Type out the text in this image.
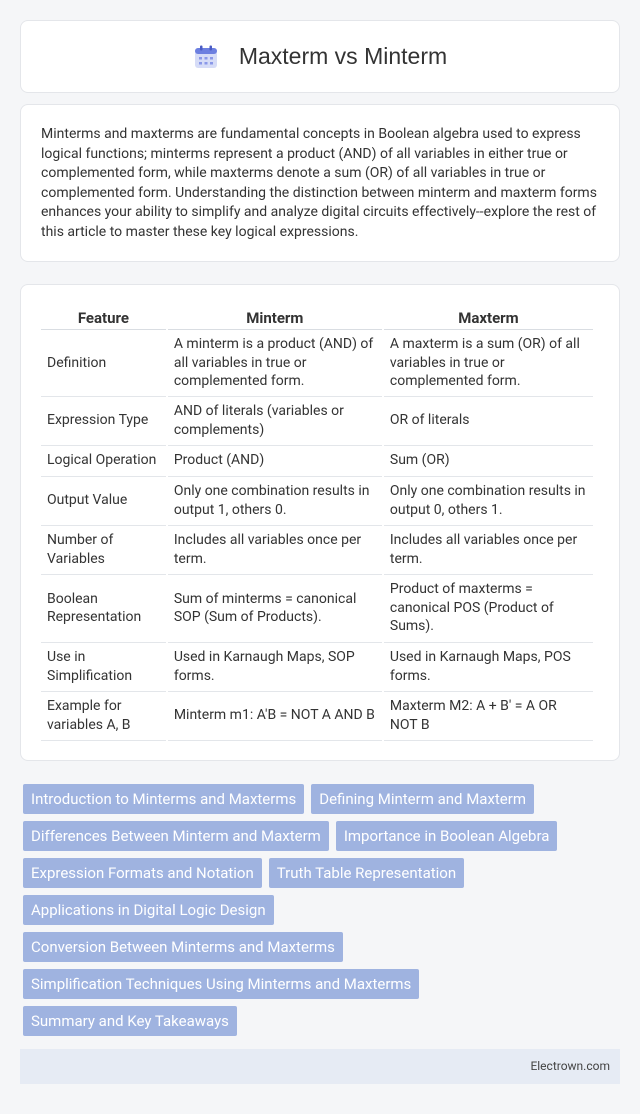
Maxterm vs Minterm

Minterms and maxterms are fundamental concepts in Boolean algebra used to express logical functions; minterms represent a product (AND) of all variables in either true or complemented form, while maxterms denote a sum (OR) of all variables in true or complemented form. Understanding the distinction between minterm and maxterm forms enhances your ability to simplify and analyze digital circuits effectively--explore the rest of this article to master these key logical expressions.

Feature	Minterm	Maxterm
Definition	A minterm is a product (AND) of all variables in true or complemented form.	A maxterm is a sum (OR) of all variables in true or complemented form.
Expression Type	AND of literals (variables or complements)	OR of literals
Logical Operation	Product (AND)	Sum (OR)
Output Value	Only one combination results in output 1, others 0.	Only one combination results in output 0, others 1.
Number of Variables	Includes all variables once per term.	Includes all variables once per term.
Boolean Representation	Sum of minterms = canonical SOP (Sum of Products).	Product of maxterms = canonical POS (Product of Sums).
Use in Simplification	Used in Karnaugh Maps, SOP forms.	Used in Karnaugh Maps, POS forms.
Example for variables A, B	Minterm m1: A'B = NOT A AND B	Maxterm M2: A + B' = A OR NOT B
Introduction to Minterms and Maxterms	Defining Minterm and Maxterm
Differences Between Minterm and Maxterm	Importance in Boolean Algebra
Expression Formats and Notation	Truth Table Representation
Applications in Digital Logic Design
Conversion Between Minterms and Maxterms
Simplification Techniques Using Minterms and Maxterms
Summary and Key Takeaways
Electrown.com
